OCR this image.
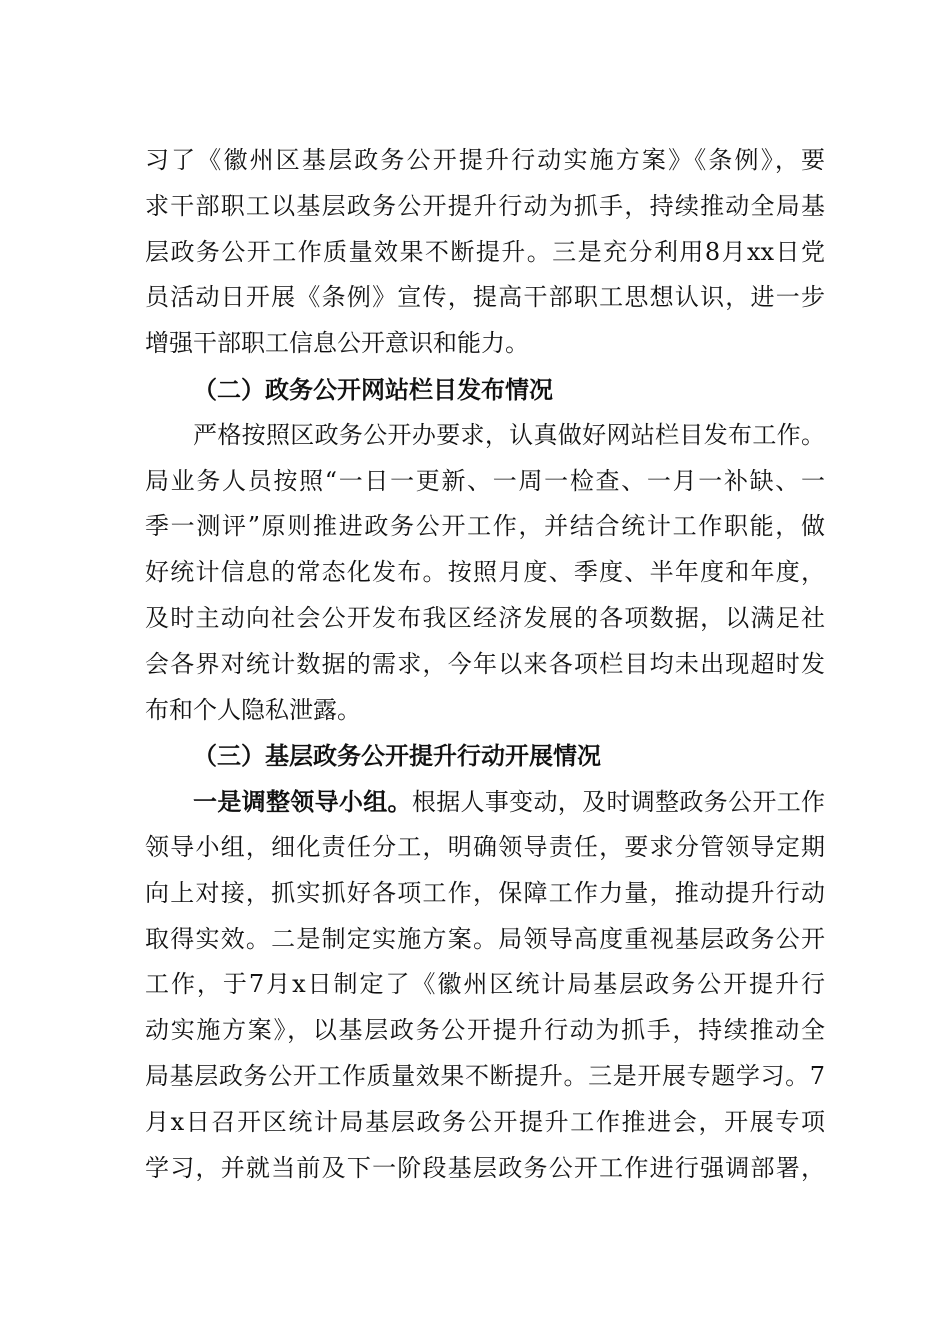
习了《徽州区基层政务公开提升行动实施方案》《条例》，要
求干部职工以基层政务公开提升行动为抓手，持续推动全局基
层政务公开工作质量效果不断提升。三是充分利用8月xx日党
员活动日开展《条例》宣传，提高干部职工思想认识，进一步
增强干部职工信息公开意识和能力。
（二）政务公开网站栏目发布情况
严格按照区政务公开办要求，认真做好网站栏目发布工作。
局业务人员按照“一日一更新、一周一检查、一月一补缺、一
季一测评”原则推进政务公开工作，并结合统计工作职能，做
好统计信息的常态化发布。按照月度、季度、半年度和年度，
及时主动向社会公开发布我区经济发展的各项数据，以满足社
会各界对统计数据的需求，今年以来各项栏目均未出现超时发
布和个人隐私泄露。
（三）基层政务公开提升行动开展情况
一是调整领导小组。根据人事变动，及时调整政务公开工作
领导小组，细化责任分工，明确领导责任，要求分管领导定期
向上对接，抓实抓好各项工作，保障工作力量，推动提升行动
取得实效。二是制定实施方案。局领导高度重视基层政务公开
工作，于7月x日制定了《徽州区统计局基层政务公开提升行
动实施方案》，以基层政务公开提升行动为抓手，持续推动全
局基层政务公开工作质量效果不断提升。三是开展专题学习。7
月x日召开区统计局基层政务公开提升工作推进会，开展专项
学习，并就当前及下一阶段基层政务公开工作进行强调部署，
